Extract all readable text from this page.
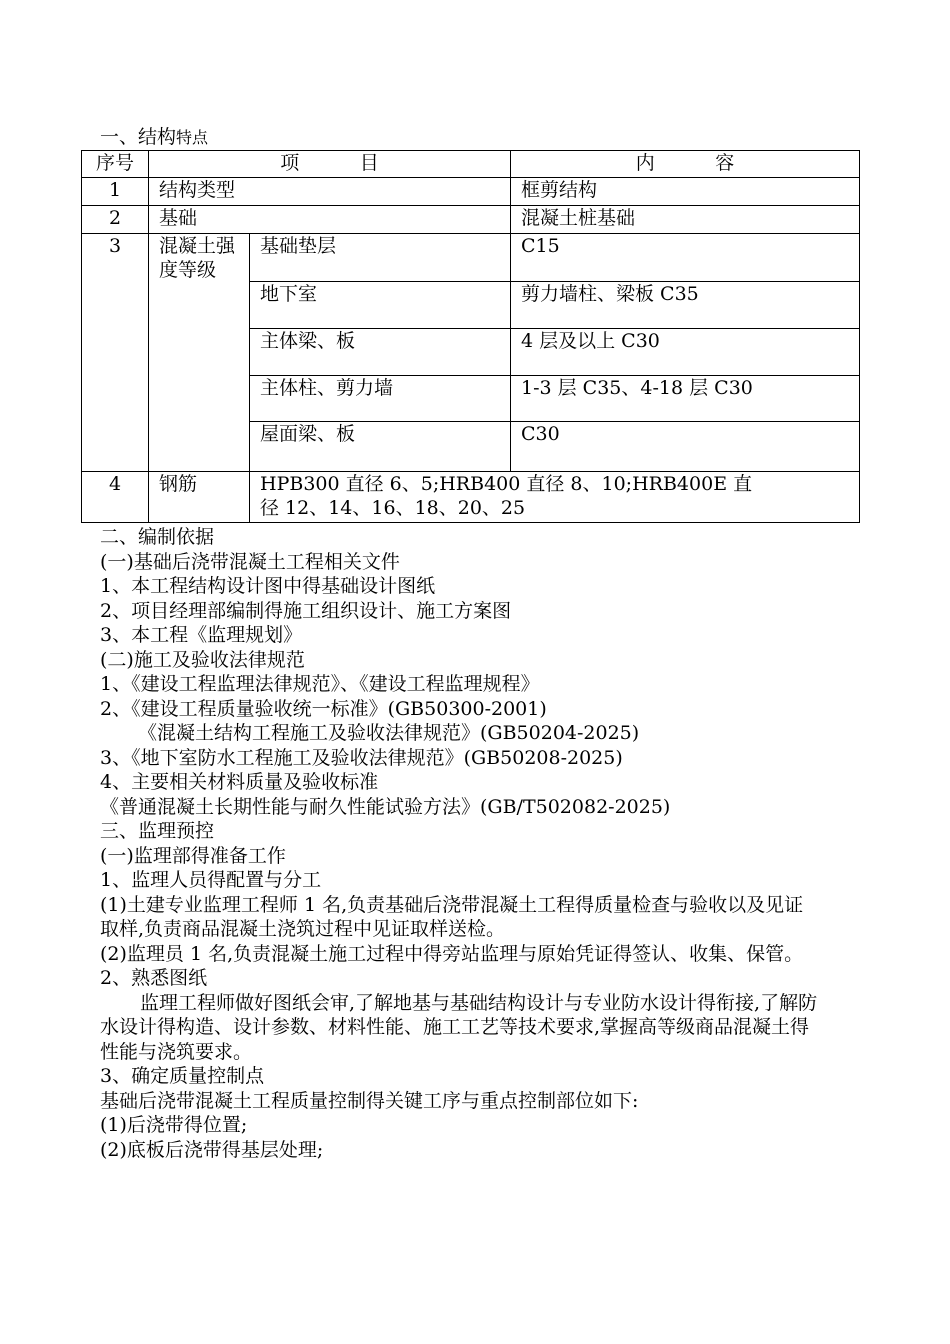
一、结构特点
序号	项          目		内          容
1	结构类型		框剪结构
2	基础		混凝土桩基础
3	混凝土强度等级	基础垫层	C15
		地下室	剪力墙柱、梁板 C35
		主体梁、板	4 层及以上 C30
		主体柱、剪力墙	1-3 层 C35、4-18 层 C30
		屋面梁、板	C30
4	钢筋	HPB300 直径 6、5;HRB400 直径 8、10;HRB400E 直径 12、14、16、18、20、25	

二、编制依据

(一)基础后浇带混凝土工程相关文件

1、本工程结构设计图中得基础设计图纸

2、项目经理部编制得施工组织设计、施工方案图

3、本工程《监理规划》

(二)施工及验收法律规范

1、《建设工程监理法律规范》、《建设工程监理规程》

2、《建设工程质量验收统一标准》(GB50300-2001)

《混凝土结构工程施工及验收法律规范》(GB50204-2025)

3、《地下室防水工程施工及验收法律规范》(GB50208-2025)

4、主要相关材料质量及验收标准

《普通混凝土长期性能与耐久性能试验方法》(GB/T502082-2025)

三、监理预控

(一)监理部得准备工作

1、监理人员得配置与分工

(1)土建专业监理工程师 1 名,负责基础后浇带混凝土工程得质量检查与验收以及见证取样,负责商品混凝土浇筑过程中见证取样送检。

(2)监理员 1 名,负责混凝土施工过程中得旁站监理与原始凭证得签认、收集、保管。

2、熟悉图纸

监理工程师做好图纸会审,了解地基与基础结构设计与专业防水设计得衔接,了解防水设计得构造、设计参数、材料性能、施工工艺等技术要求,掌握高等级商品混凝土得性能与浇筑要求。

3、确定质量控制点

基础后浇带混凝土工程质量控制得关键工序与重点控制部位如下:

(1)后浇带得位置;

(2)底板后浇带得基层处理;
